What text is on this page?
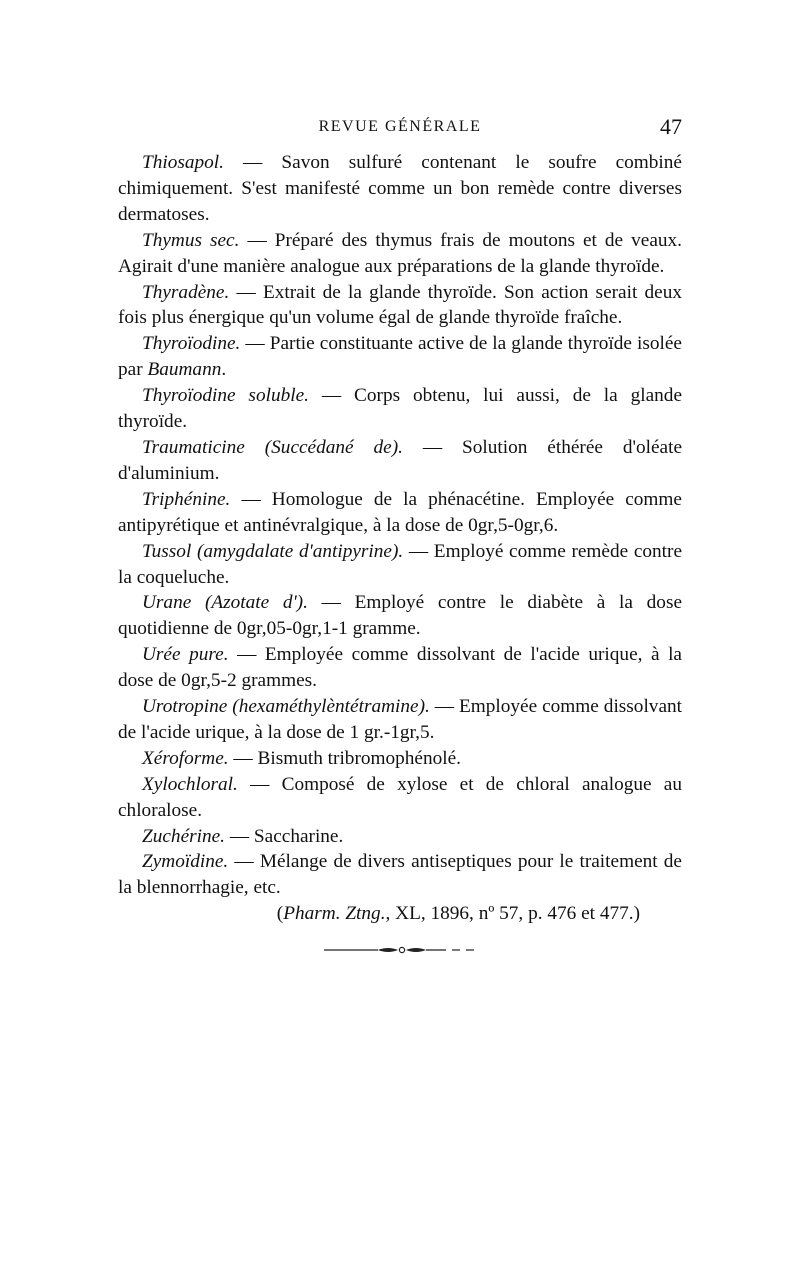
REVUE GÉNÉRALE	47

Thiosapol. — Savon sulfuré contenant le soufre combiné chimiquement. S'est manifesté comme un bon remède contre diverses dermatoses.

Thymus sec. — Préparé des thymus frais de moutons et de veaux. Agirait d'une manière analogue aux préparations de la glande thyroïde.

Thyradène. — Extrait de la glande thyroïde. Son action serait deux fois plus énergique qu'un volume égal de glande thyroïde fraîche.

Thyroïodine. — Partie constituante active de la glande thyroïde isolée par Baumann.

Thyroïodine soluble. — Corps obtenu, lui aussi, de la glande thyroïde.

Traumaticine (Succédané de). — Solution éthérée d'oléate d'aluminium.

Triphénine. — Homologue de la phénacétine. Employée comme antipyrétique et antinévralgique, à la dose de 0gr,5-0gr,6.

Tussol (amygdalate d'antipyrine). — Employé comme remède contre la coqueluche.

Urane (Azotate d'). — Employé contre le diabète à la dose quotidienne de 0gr,05-0gr,1-1 gramme.

Urée pure. — Employée comme dissolvant de l'acide urique, à la dose de 0gr,5-2 grammes.

Urotropine (hexaméthylèntétramine). — Employée comme dissolvant de l'acide urique, à la dose de 1 gr.-1gr,5.

Xéroforme. — Bismuth tribromophénolé.

Xylochloral. — Composé de xylose et de chloral analogue au chloralose.

Zuchérine. — Saccharine.

Zymoïdine. — Mélange de divers antiseptiques pour le traitement de la blennorrhagie, etc.

(Pharm. Ztng., XL, 1896, nº 57, p. 476 et 477.)
